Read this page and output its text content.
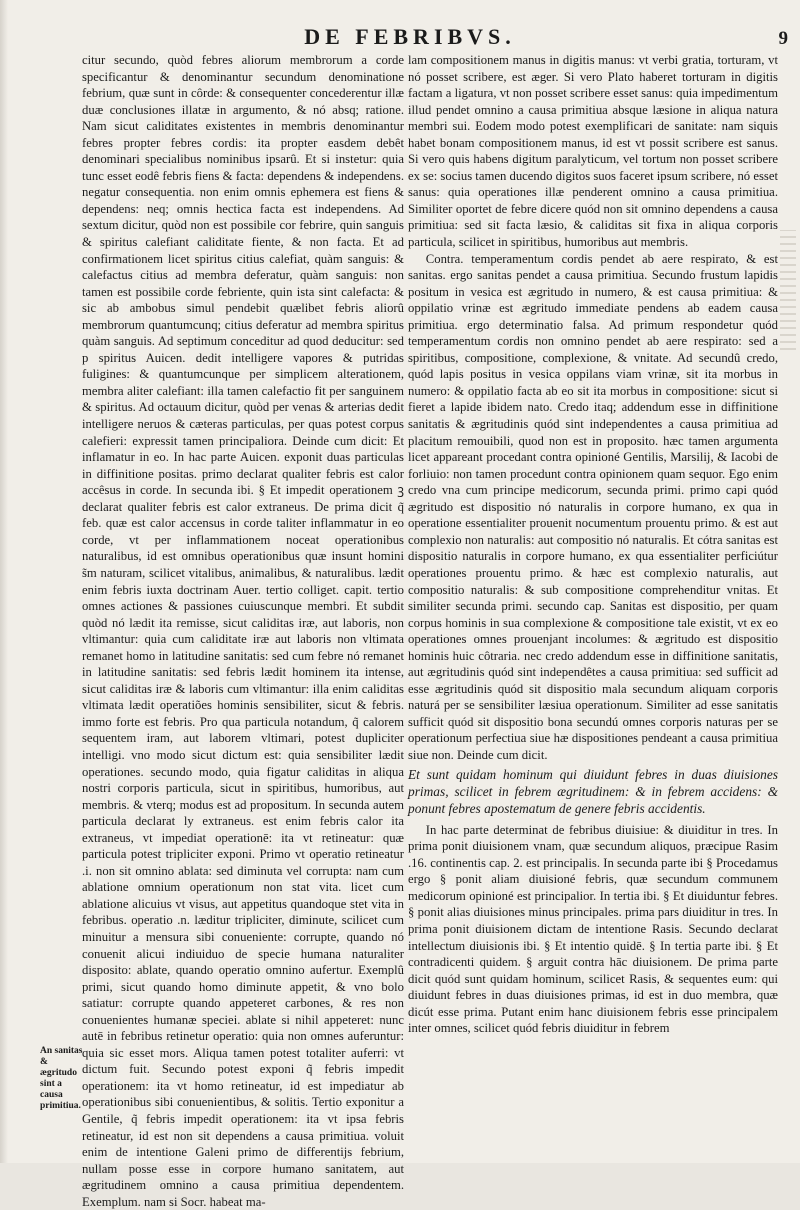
DE FEBRIBVS.	9

citur secundo, quòd febres aliorum membrorum a corde specificantur & denominantur secundum denominatione febrium, quæ sunt in côrde: & consequenter concederentur illæ duæ conclusiones illatæ in argumento, & nó absq; ratione. Nam sicut caliditates existentes in membris denominantur febres propter febres cordis: ita propter easdem debêt denominari specialibus nominibus ipsarû. Et si instetur: quia tunc esset eodê febris fiens & facta: dependens & independens. negatur consequentia. non enim omnis ephemera est fiens & dependens: neq; omnis hectica facta est independens. Ad sextum dicitur, quòd non est possibile cor febrire, quin sanguis & spiritus calefiant caliditate fiente, & non facta. Et ad confirmationem licet spiritus citius calefiat, quàm sanguis: & calefactus citius ad membra deferatur, quàm sanguis: non tamen est possibile corde febriente, quin ista sint calefacta: & sic ab ambobus simul pendebit quælibet febris aliorû membrorum quantumcunq; citius deferatur ad membra spiritus quàm sanguis. Ad septimum conceditur ad quod deducitur: sed p spiritus Auicen. dedit intelligere vapores & putridas fuligines: & quantumcunque per simplicem alterationem, membra aliter calefiant: illa tamen calefactio fit per sanguinem & spiritus. Ad octauum dicitur, quòd per venas & arterias dedit intelligere neruos & cæteras particulas, per quas potest corpus calefieri: expressit tamen principaliora. Deinde cum dicit: Et inflamatur in eo. In hac parte Auicen. exponit duas particulas in diffinitione positas. primo declarat qualiter febris est calor accêsus in corde. In secunda ibi. § Et impedit operationem ꝫ declarat qualiter febris est calor extraneus. De prima dicit q̃ feb. quæ est calor accensus in corde taliter inflammatur in eo corde, vt per inflammationem noceat operationibus naturalibus, id est omnibus operationibus quæ insunt homini s̃m naturam, scilicet vitalibus, animalibus, & naturalibus. lædit enim febris iuxta doctrinam Auer. tertio colliget. capit. tertio omnes actiones & passiones cuiuscunque membri. Et subdit quòd nó lædit ita remisse, sicut caliditas iræ, aut laboris, non vltimantur: quia cum caliditate iræ aut laboris non vltimata remanet homo in latitudine sanitatis: sed cum febre nó remanet in latitudine sanitatis: sed febris lædit hominem ita intense, sicut caliditas iræ & laboris cum vltimantur: illa enim caliditas vltimata lædit operatiões hominis sensibiliter, sicut & febris. immo forte est febris. Pro qua particula notandum, q̃ calorem sequentem iram, aut laborem vltimari, potest dupliciter intelligi. vno modo sicut dictum est: quia sensibiliter lædit operationes. secundo modo, quia figatur caliditas in aliqua nostri corporis particula, sicut in spiritibus, humoribus, aut membris. & vterq; modus est ad propositum. In secunda autem particula declarat ly extraneus. est enim febris calor ita extraneus, vt impediat operationē: ita vt retineatur: quæ particula potest tripliciter exponi. Primo vt operatio retineatur .i. non sit omnino ablata: sed diminuta vel corrupta: nam cum ablatione omnium operationum non stat vita. licet cum ablatione alicuius vt visus, aut appetitus quandoque stet vita in febribus. operatio .n. læditur tripliciter, diminute, scilicet cum minuitur a mensura sibi conueniente: corrupte, quando nó conuenit alicui indiuiduo de specie humana naturaliter disposito: ablate, quando operatio omnino aufertur. Exemplû primi, sicut quando homo diminute appetit, & vno bolo satiatur: corrupte quando appeteret carbones, & res non conuenientes humanæ speciei. ablate si nihil appeteret: nunc autē in febribus retinetur operatio: quia non omnes auferuntur: quia sic esset mors. Aliqua tamen potest totaliter auferri: vt dictum fuit. Secundo potest exponi q̃ febris impedit operationem: ita vt homo retineatur, id est impediatur ab operationibus sibi conuenientibus, & solitis. Tertio exponitur a Gentile, q̃ febris impedit operationem: ita vt ipsa febris retineatur, id est non sit dependens a causa primitiua. voluit enim de intentione Galeni primo de differentijs febrium, nullam posse esse in corpore humano sanitatem, aut ægritudinem omnino a causa primitiua dependentem. Exemplum. nam si Socr. habeat ma-

lam compositionem manus in digitis manus: vt verbi gratia, torturam, vt nó posset scribere, est æger. Si vero Plato haberet torturam in digitis factam a ligatura, vt non posset scribere esset sanus: quia impedimentum illud pendet omnino a causa primitiua absque læsione in aliqua natura membri sui. Eodem modo potest exemplificari de sanitate: nam siquis habet bonam compositionem manus, id est vt possit scribere est sanus. Si vero quis habens digitum paralyticum, vel tortum non posset scribere ex se: socius tamen ducendo digitos suos faceret ipsum scribere, nó esset sanus: quia operationes illæ penderent omnino a causa primitiua. Similiter oportet de febre dicere quód non sit omnino dependens a causa primitiua: sed sit facta læsio, & caliditas sit fixa in aliqua corporis particula, scilicet in spiritibus, humoribus aut membris.

Contra. temperamentum cordis pendet ab aere respirato, & est sanitas. ergo sanitas pendet a causa primitiua. Secundo frustum lapidis positum in vesica est ægritudo in numero, & est causa primitiua: & oppilatio vrinæ est ægritudo immediate pendens ab eadem causa primitiua. ergo determinatio falsa. Ad primum respondetur quód temperamentum cordis non omnino pendet ab aere respirato: sed a spiritibus, compositione, complexione, & vnitate. Ad secundû credo, quód lapis positus in vesica oppilans viam vrinæ, sit ita morbus in numero: & oppilatio facta ab eo sit ita morbus in compositione: sicut si fieret a lapide ibidem nato. Credo itaq; addendum esse in diffinitione sanitatis & ægritudinis quód sint independentes a causa primitiua ad placitum remouibili, quod non est in proposito. hæc tamen argumenta licet appareant procedant contra opinioné Gentilis, Marsilij, & Iacobi de forliuio: non tamen procedunt contra opinionem quam sequor. Ego enim credo vna cum principe medicorum, secunda primi. primo capi quód ægritudo est dispositio nó naturalis in corpore humano, ex qua in operatione essentialiter prouenit nocumentum prouentu primo. & est aut complexio non naturalis: aut compositio nó naturalis. Et cótra sanitas est dispositio naturalis in corpore humano, ex qua essentialiter perficiútur operationes prouentu primo. & hæc est complexio naturalis, aut compositio naturalis: & sub compositione comprehenditur vnitas. Et similiter secunda primi. secundo cap. Sanitas est dispositio, per quam corpus hominis in sua complexione & compositione tale existit, vt ex eo operationes omnes prouenjant incolumes: & ægritudo est dispositio hominis huic côtraria. nec credo addendum esse in diffinitione sanitatis, aut ægritudinis quód sint independêtes a causa primitiua: sed sufficit ad esse ægritudinis quód sit dispositio mala secundum aliquam corporis naturá per se sensibiliter læsiua operationum. Similiter ad esse sanitatis sufficit quód sit dispositio bona secundú omnes corporis naturas per se operationum perfectiua siue hæ dispositiones pendeant a causa primitiua siue non. Deinde cum dicit.

Et sunt quidam hominum qui diuidunt febres in duas diuisiones primas, scilicet in febrem ægritudinem: & in febrem accidens: & ponunt febres apostematum de genere febris accidentis.

In hac parte determinat de febribus diuisiue: & diuiditur in tres. In prima ponit diuisionem vnam, quæ secundum aliquos, præcipue Rasim .16. continentis cap. 2. est principalis. In secunda parte ibi § Procedamus ergo § ponit aliam diuisioné febris, quæ secundum communem medicorum opinioné est principalior. In tertia ibi. § Et diuiduntur febres. § ponit alias diuisiones minus principales. prima pars diuiditur in tres. In prima ponit diuisionem dictam de intentione Rasis. Secundo declarat intellectum diuisionis ibi. § Et intentio quidē. § In tertia parte ibi. § Et contradicenti quidem. § arguit contra hāc diuisionem. De prima parte dicit quód sunt quidam hominum, scilicet Rasis, & sequentes eum: qui diuidunt febres in duas diuisiones primas, id est in duo membra, quæ dicút esse prima. Putant enim hanc diuisionem febris esse principalem inter omnes, scilicet quód febris diuiditur in febrem

An sanitas & ægritudo sint a causa primitiua.
